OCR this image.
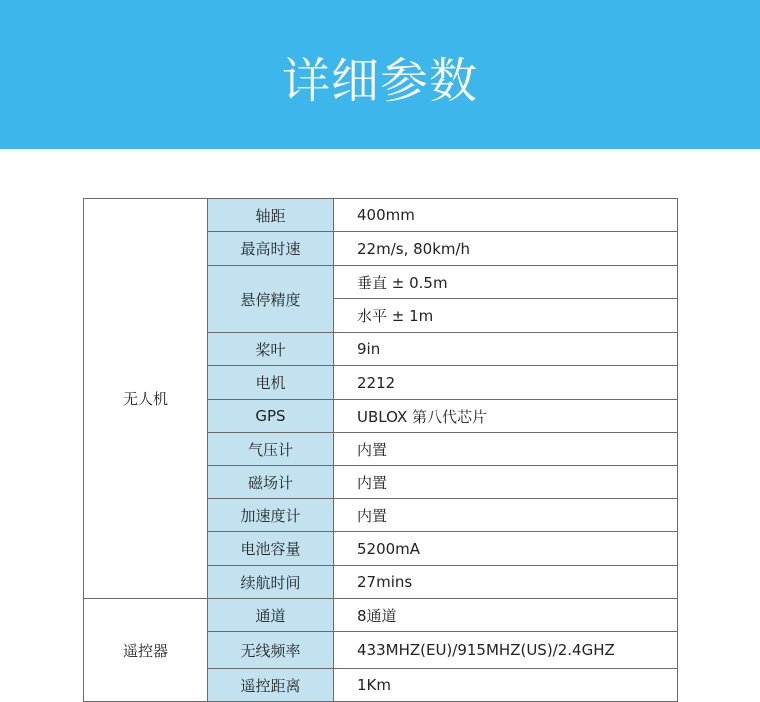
详细参数
无人机	轴距	400mm
	最高时速	22m/s, 80km/h
	悬停精度	垂直 ± 0.5m
		水平 ± 1m
	桨叶	9in
	电机	2212
	GPS	UBLOX 第八代芯片
	气压计	内置
	磁场计	内置
	加速度计	内置
	电池容量	5200mA
	续航时间	27mins
遥控器	通道	8通道
	无线频率	433MHZ(EU)/915MHZ(US)/2.4GHZ
	遥控距离	1Km
